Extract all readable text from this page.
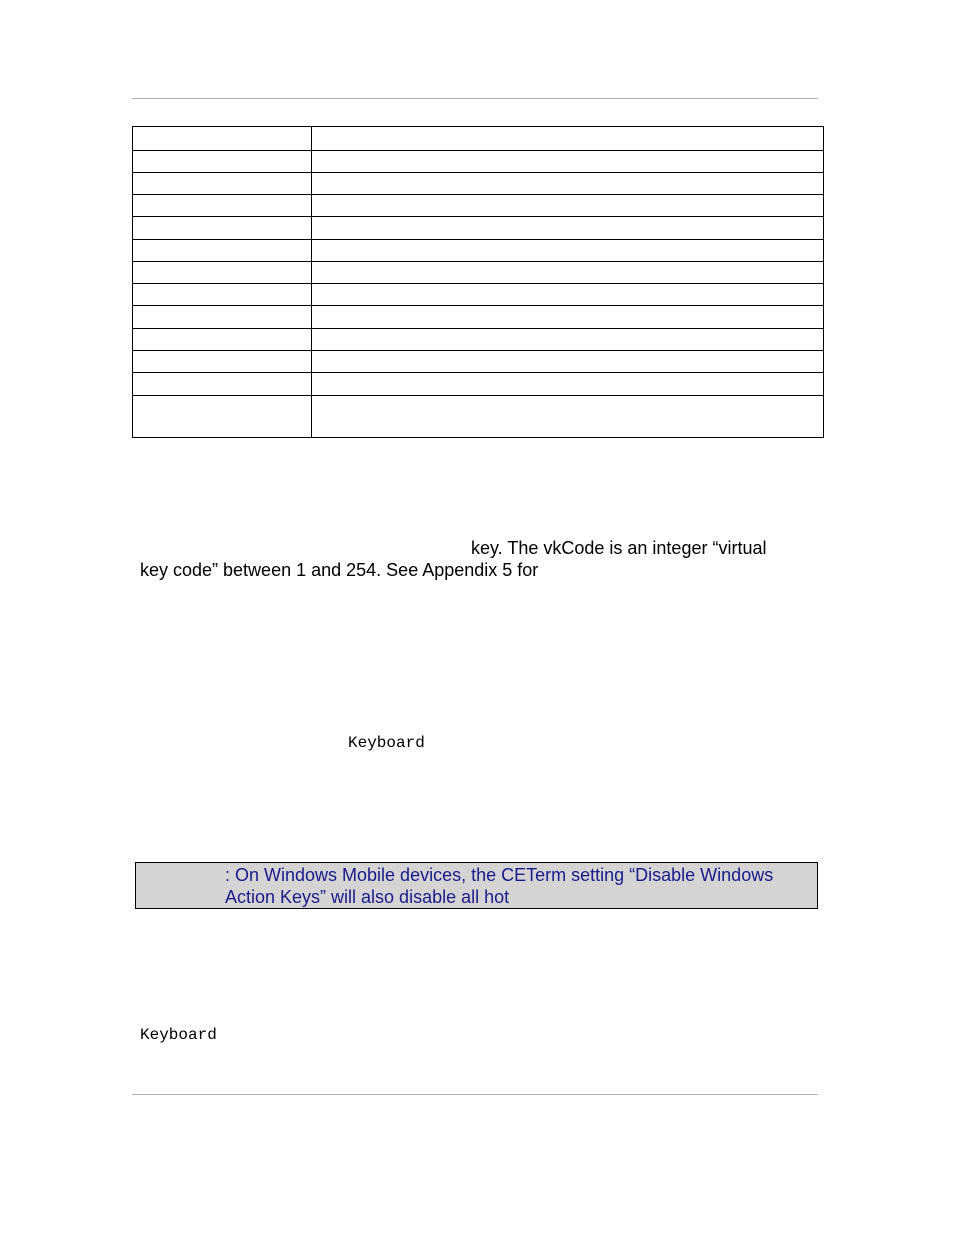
key. The vkCode is an integer “virtual
key code” between 1 and 254. See Appendix 5 for
Keyboard
: On Windows Mobile devices, the CETerm setting “Disable Windows
Action Keys” will also disable all hot
Keyboard
